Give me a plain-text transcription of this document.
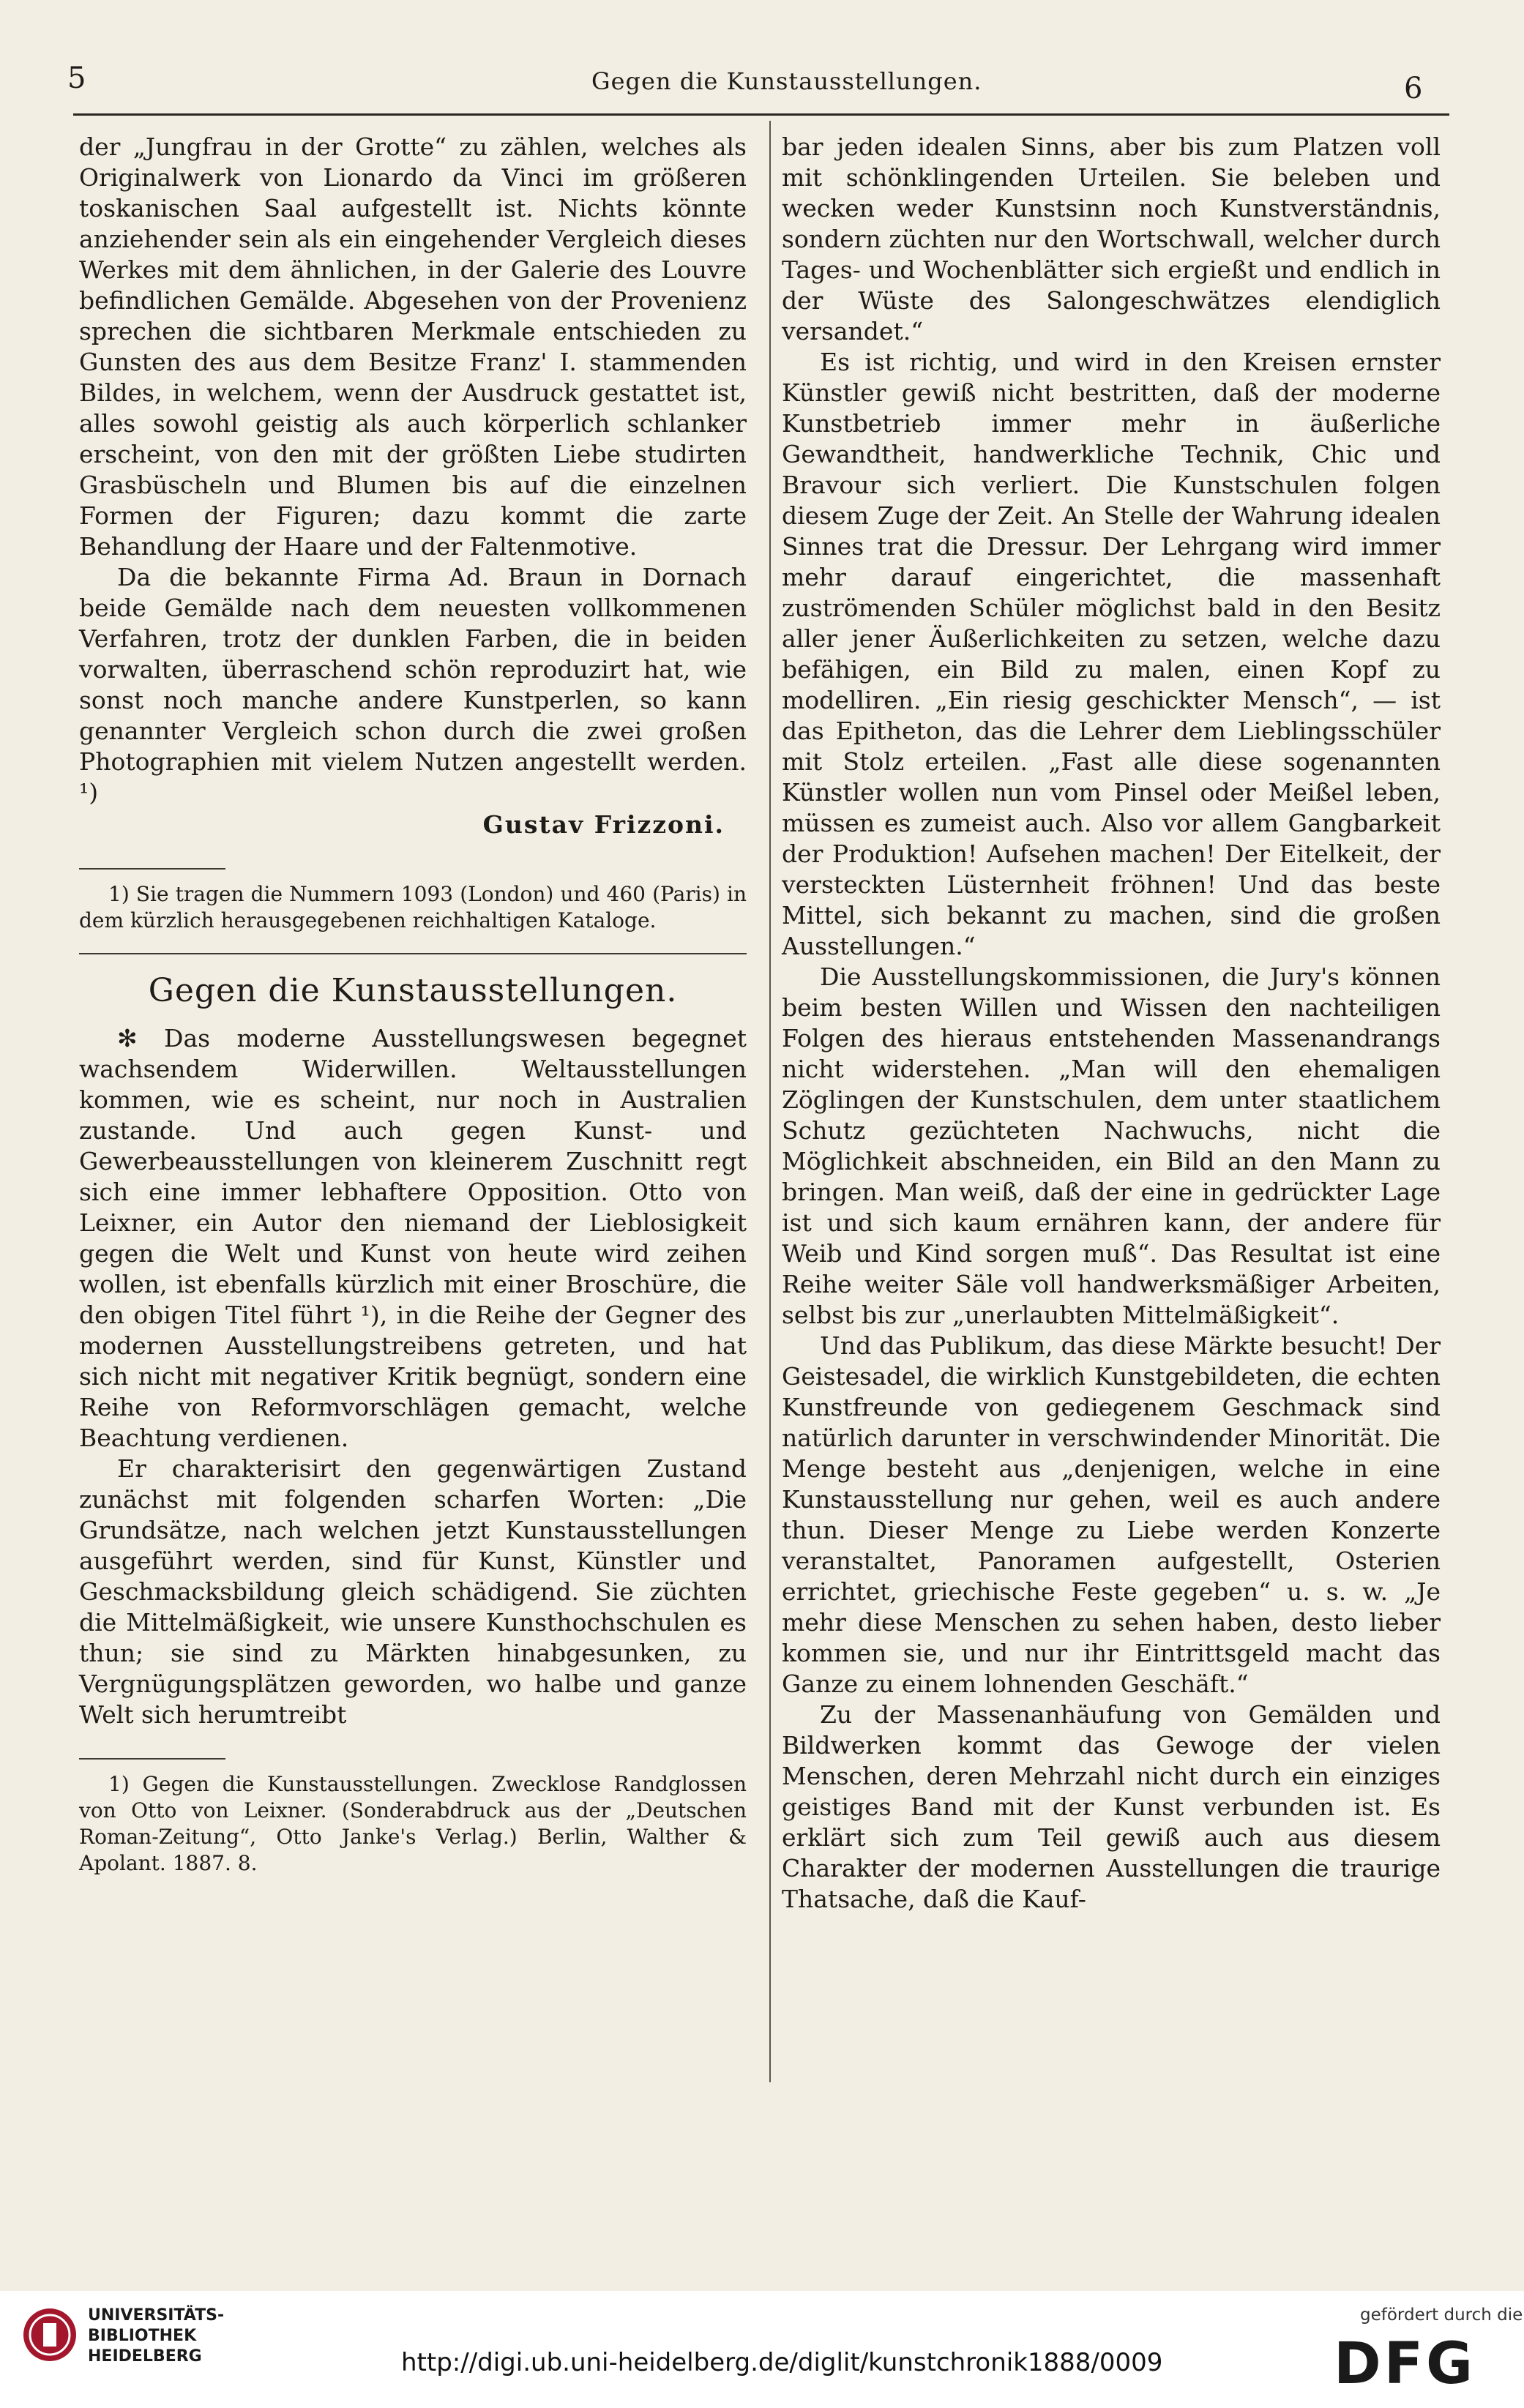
5	Gegen die Kunstausstellungen.	6

der „Jungfrau in der Grotte“ zu zählen, welches als Originalwerk von Lionardo da Vinci im größeren toskanischen Saal aufgestellt ist. Nichts könnte anziehender sein als ein eingehender Vergleich dieses Werkes mit dem ähnlichen, in der Galerie des Louvre befindlichen Gemälde. Abgesehen von der Provenienz sprechen die sichtbaren Merkmale entschieden zu Gunsten des aus dem Besitze Franz' I. stammenden Bildes, in welchem, wenn der Ausdruck gestattet ist, alles sowohl geistig als auch körperlich schlanker erscheint, von den mit der größten Liebe studirten Grasbüscheln und Blumen bis auf die einzelnen Formen der Figuren; dazu kommt die zarte Behandlung der Haare und der Faltenmotive.

Da die bekannte Firma Ad. Braun in Dornach beide Gemälde nach dem neuesten vollkommenen Verfahren, trotz der dunklen Farben, die in beiden vorwalten, überraschend schön reproduzirt hat, wie sonst noch manche andere Kunstperlen, so kann genannter Vergleich schon durch die zwei großen Photographien mit vielem Nutzen angestellt werden. ¹)

Gustav Frizzoni.

1) Sie tragen die Nummern 1093 (London) und 460 (Paris) in dem kürzlich herausgegebenen reichhaltigen Kataloge.

Gegen die Kunstausstellungen.

✻ Das moderne Ausstellungswesen begegnet wachsendem Widerwillen. Weltausstellungen kommen, wie es scheint, nur noch in Australien zustande. Und auch gegen Kunst- und Gewerbeausstellungen von kleinerem Zuschnitt regt sich eine immer lebhaftere Opposition. Otto von Leixner, ein Autor den niemand der Lieblosigkeit gegen die Welt und Kunst von heute wird zeihen wollen, ist ebenfalls kürzlich mit einer Broschüre, die den obigen Titel führt ¹), in die Reihe der Gegner des modernen Ausstellungstreibens getreten, und hat sich nicht mit negativer Kritik begnügt, sondern eine Reihe von Reformvorschlägen gemacht, welche Beachtung verdienen.

Er charakterisirt den gegenwärtigen Zustand zunächst mit folgenden scharfen Worten: „Die Grundsätze, nach welchen jetzt Kunstausstellungen ausgeführt werden, sind für Kunst, Künstler und Geschmacksbildung gleich schädigend. Sie züchten die Mittelmäßigkeit, wie unsere Kunsthochschulen es thun; sie sind zu Märkten hinabgesunken, zu Vergnügungsplätzen geworden, wo halbe und ganze Welt sich herumtreibt

1) Gegen die Kunstausstellungen. Zwecklose Randglossen von Otto von Leixner. (Sonderabdruck aus der „Deutschen Roman-Zeitung“, Otto Janke's Verlag.) Berlin, Walther & Apolant. 1887. 8.

bar jeden idealen Sinns, aber bis zum Platzen voll mit schönklingenden Urteilen. Sie beleben und wecken weder Kunstsinn noch Kunstverständnis, sondern züchten nur den Wortschwall, welcher durch Tages- und Wochenblätter sich ergießt und endlich in der Wüste des Salongeschwätzes elendiglich versandet.“

Es ist richtig, und wird in den Kreisen ernster Künstler gewiß nicht bestritten, daß der moderne Kunstbetrieb immer mehr in äußerliche Gewandtheit, handwerkliche Technik, Chic und Bravour sich verliert. Die Kunstschulen folgen diesem Zuge der Zeit. An Stelle der Wahrung idealen Sinnes trat die Dressur. Der Lehrgang wird immer mehr darauf eingerichtet, die massenhaft zuströmenden Schüler möglichst bald in den Besitz aller jener Äußerlichkeiten zu setzen, welche dazu befähigen, ein Bild zu malen, einen Kopf zu modelliren. „Ein riesig geschickter Mensch“, — ist das Epitheton, das die Lehrer dem Lieblingsschüler mit Stolz erteilen. „Fast alle diese sogenannten Künstler wollen nun vom Pinsel oder Meißel leben, müssen es zumeist auch. Also vor allem Gangbarkeit der Produktion! Aufsehen machen! Der Eitelkeit, der versteckten Lüsternheit fröhnen! Und das beste Mittel, sich bekannt zu machen, sind die großen Ausstellungen.“

Die Ausstellungskommissionen, die Jury's können beim besten Willen und Wissen den nachteiligen Folgen des hieraus entstehenden Massenandrangs nicht widerstehen. „Man will den ehemaligen Zöglingen der Kunstschulen, dem unter staatlichem Schutz gezüchteten Nachwuchs, nicht die Möglichkeit abschneiden, ein Bild an den Mann zu bringen. Man weiß, daß der eine in gedrückter Lage ist und sich kaum ernähren kann, der andere für Weib und Kind sorgen muß“. Das Resultat ist eine Reihe weiter Säle voll handwerksmäßiger Arbeiten, selbst bis zur „unerlaubten Mittelmäßigkeit“.

Und das Publikum, das diese Märkte besucht! Der Geistesadel, die wirklich Kunstgebildeten, die echten Kunstfreunde von gediegenem Geschmack sind natürlich darunter in verschwindender Minorität. Die Menge besteht aus „denjenigen, welche in eine Kunstausstellung nur gehen, weil es auch andere thun. Dieser Menge zu Liebe werden Konzerte veranstaltet, Panoramen aufgestellt, Osterien errichtet, griechische Feste gegeben“ u. s. w. „Je mehr diese Menschen zu sehen haben, desto lieber kommen sie, und nur ihr Eintrittsgeld macht das Ganze zu einem lohnenden Geschäft.“

Zu der Massenanhäufung von Gemälden und Bildwerken kommt das Gewoge der vielen Menschen, deren Mehrzahl nicht durch ein einziges geistiges Band mit der Kunst verbunden ist. Es erklärt sich zum Teil gewiß auch aus diesem Charakter der modernen Ausstellungen die traurige Thatsache, daß die Kauf-

UNIVERSITÄTS-
BIBLIOTHEK
HEIDELBERG	http://digi.ub.uni-heidelberg.de/diglit/kunstchronik1888/0009
gefördert durch die
DFG
